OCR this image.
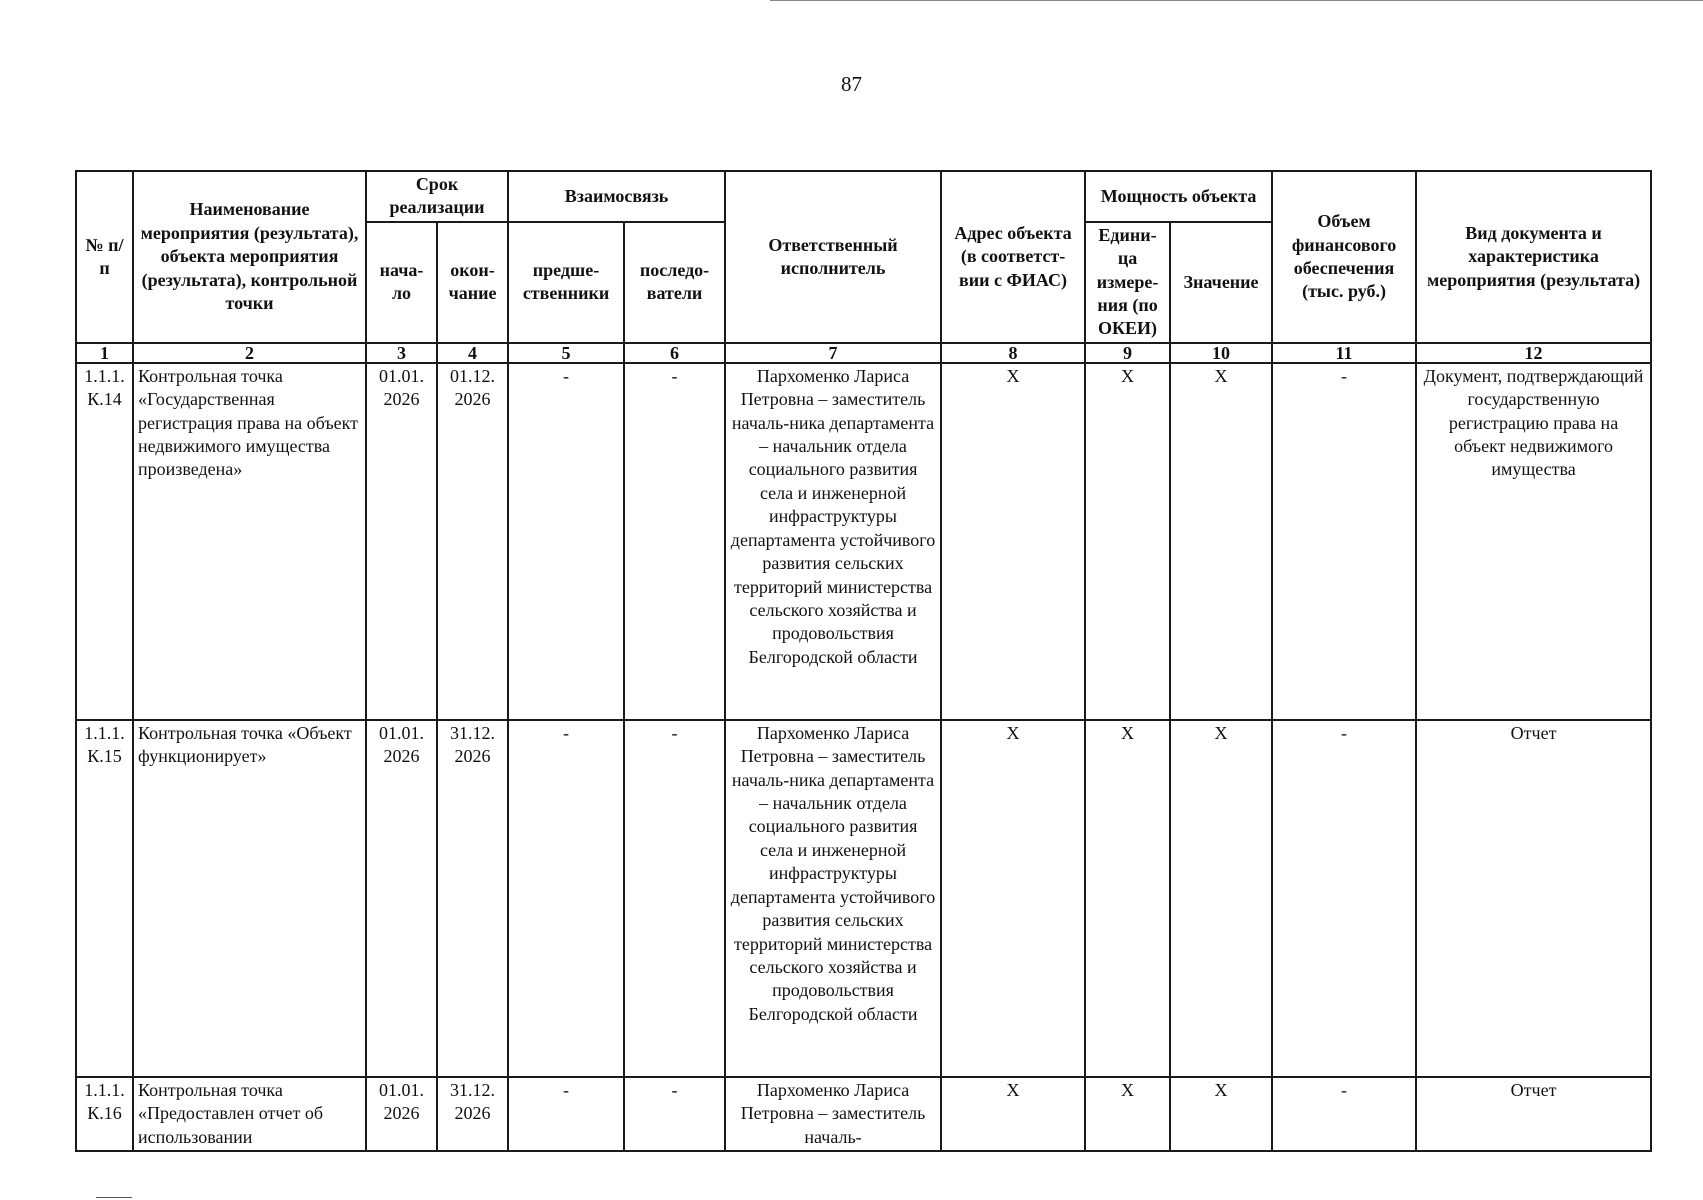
87
№ п/п	Наименование мероприятия (результата), объекта мероприятия (результата), контрольной точки	Срок реализации		Взаимосвязь		Ответственный исполнитель	Адрес объекта (в соответст-вии с ФИАС)	Мощность объекта		Объем финансового обеспечения (тыс. руб.)	Вид документа и характеристика мероприятия (результата)
		нача-ло	окон-чание	предше-ственники	последо-ватели			Едини-ца измере-ния (по ОКЕИ)	Значение		
1	2	3	4	5	6	7	8	9	10	11	12
1.1.1. К.14	Контрольная точка «Государственная регистрация права на объект недвижимого имущества произведена»	01.01. 2026	01.12. 2026	-	-	Пархоменко Лариса Петровна – заместитель началь-ника департамента – начальник отдела социального развития села и инженерной инфраструктуры департамента устойчивого развития сельских территорий министерства сельского хозяйства и продовольствия Белгородской области	X	X	X	-	Документ, подтверждающий государственную регистрацию права на объект недвижимого имущества
1.1.1. К.15	Контрольная точка «Объект функционирует»	01.01. 2026	31.12. 2026	-	-	Пархоменко Лариса Петровна – заместитель началь-ника департамента – начальник отдела социального развития села и инженерной инфраструктуры департамента устойчивого развития сельских территорий министерства сельского хозяйства и продовольствия Белгородской области	X	X	X	-	Отчет
1.1.1. К.16	Контрольная точка «Предоставлен отчет об использовании	01.01. 2026	31.12. 2026	-	-	Пархоменко Лариса Петровна – заместитель началь-	X	X	X	-	Отчет
